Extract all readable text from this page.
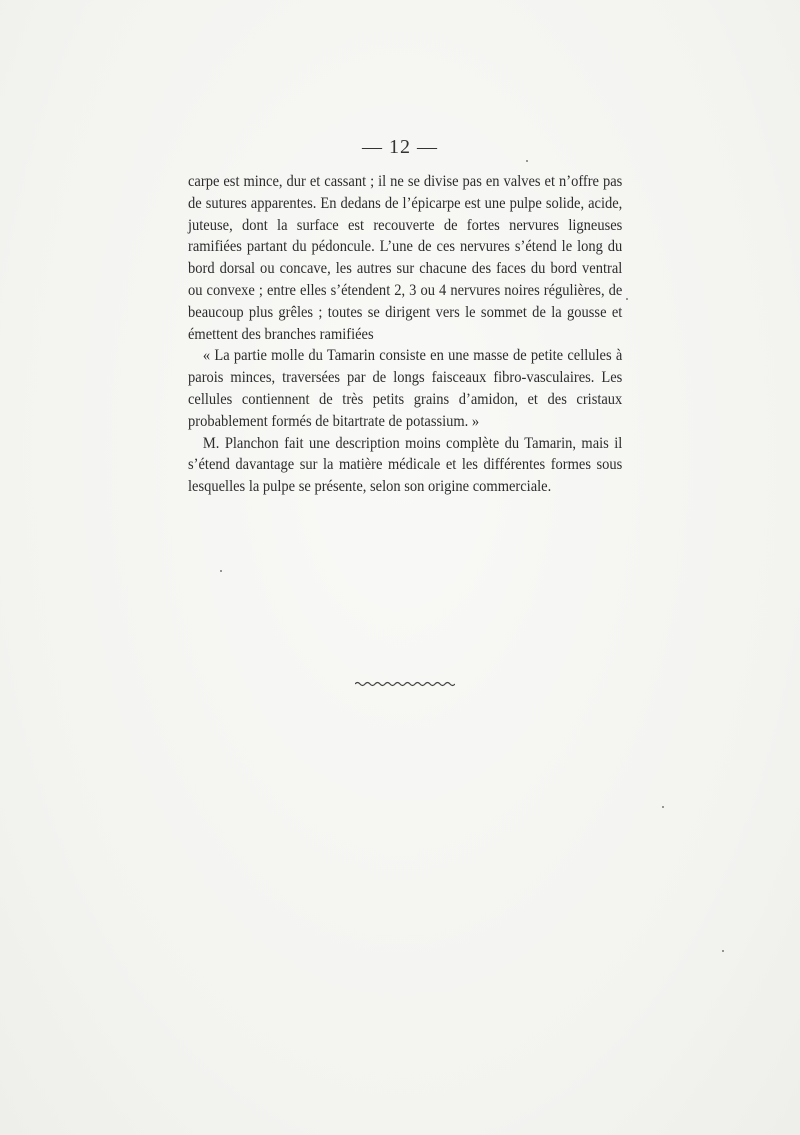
— 12 —

carpe est mince, dur et cassant ; il ne se divise pas en valves et n’offre pas de sutures apparentes. En dedans de l’épicarpe est une pulpe solide, acide, juteuse, dont la surface est recouverte de fortes nervures ligneuses ramifiées partant du pédoncule. L’une de ces nervures s’étend le long du bord dorsal ou concave, les autres sur chacune des faces du bord ventral ou convexe ; entre elles s’étendent 2, 3 ou 4 nervures noires régulières, de beaucoup plus grêles ; toutes se dirigent vers le sommet de la gousse et émettent des branches ramifiées

« La partie molle du Tamarin consiste en une masse de petite cellules à parois minces, traversées par de longs faisceaux fibro-vasculaires. Les cellules contiennent de très petits grains d’amidon, et des cristaux probablement formés de bitartrate de potassium. »

M. Planchon fait une description moins complète du Tamarin, mais il s’étend davantage sur la matière médicale et les différentes formes sous lesquelles la pulpe se présente, selon son origine commerciale.
